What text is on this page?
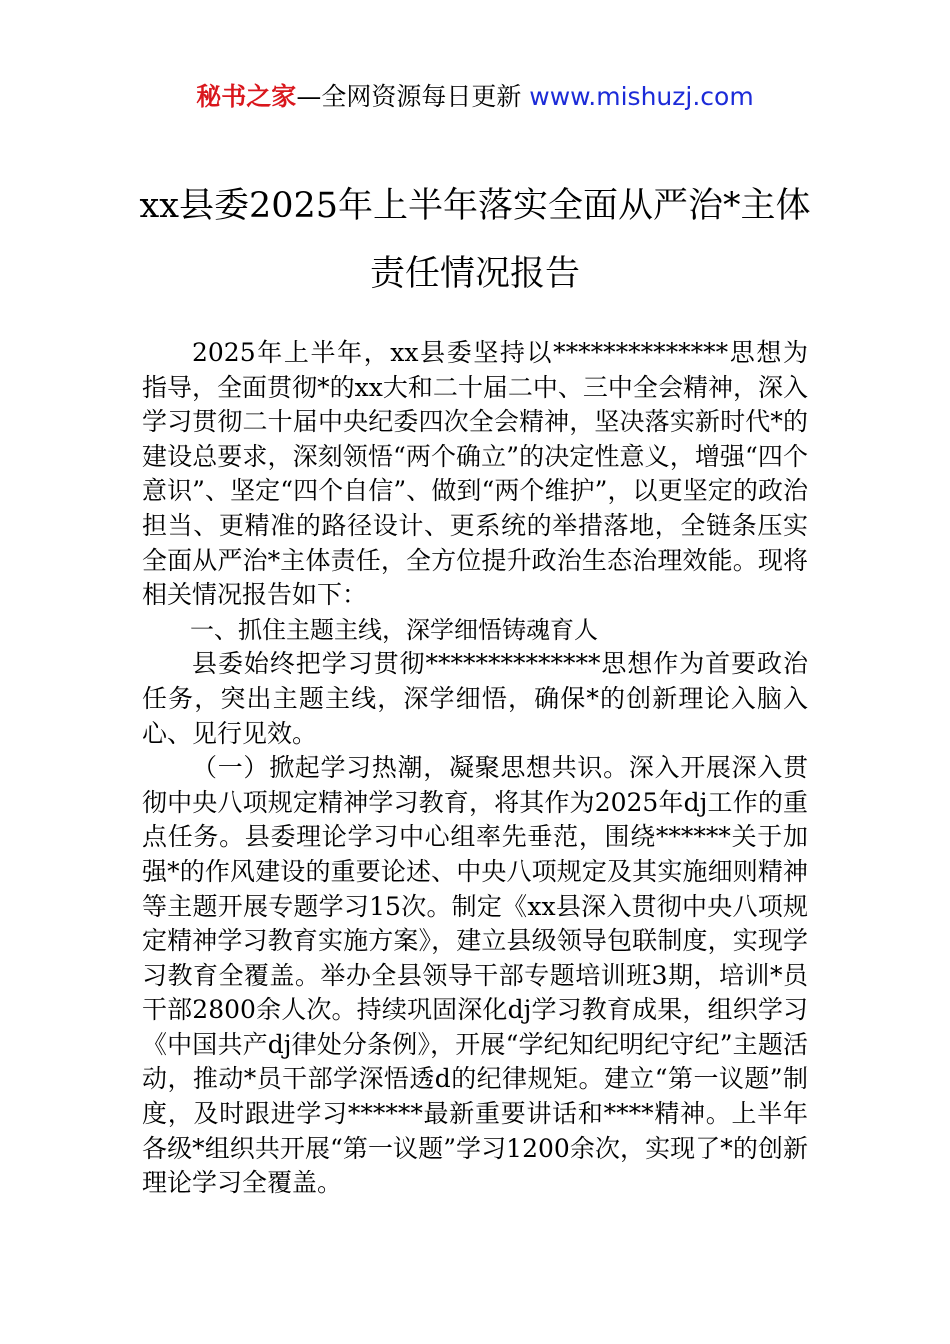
秘书之家—全网资源每日更新 www.mishuzj.com
xx县委2025年上半年落实全面从严治*主体责任情况报告

2025年上半年，xx县委坚持以**************思想为指导，全面贯彻*的xx大和二十届二中、三中全会精神，深入学习贯彻二十届中央纪委四次全会精神，坚决落实新时代*的建设总要求，深刻领悟“两个确立”的决定性意义，增强“四个意识”、坚定“四个自信”、做到“两个维护”，以更坚定的政治担当、更精准的路径设计、更系统的举措落地，全链条压实全面从严治*主体责任，全方位提升政治生态治理效能。现将相关情况报告如下：

一、抓住主题主线，深学细悟铸魂育人

县委始终把学习贯彻**************思想作为首要政治任务，突出主题主线，深学细悟，确保*的创新理论入脑入心、见行见效。

（一）掀起学习热潮，凝聚思想共识。深入开展深入贯彻中央八项规定精神学习教育，将其作为2025年dj工作的重点任务。县委理论学习中心组率先垂范，围绕******关于加强*的作风建设的重要论述、中央八项规定及其实施细则精神等主题开展专题学习15次。制定《xx县深入贯彻中央八项规定精神学习教育实施方案》，建立县级领导包联制度，实现学习教育全覆盖。举办全县领导干部专题培训班3期，培训*员干部2800余人次。持续巩固深化dj学习教育成果，组织学习《中国共产dj律处分条例》，开展“学纪知纪明纪守纪”主题活动，推动*员干部学深悟透d的纪律规矩。建立“第一议题”制度，及时跟进学习******最新重要讲话和****精神。上半年各级*组织共开展“第一议题”学习1200余次，实现了*的创新理论学习全覆盖。
